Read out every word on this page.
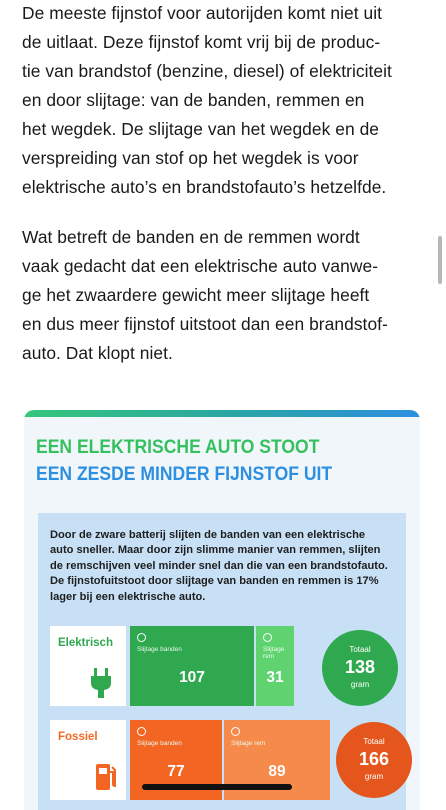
De meeste fijnstof voor autorijden komt niet uit
de uitlaat. Deze fijnstof komt vrij bij de produc-
tie van brandstof (benzine, diesel) of elektriciteit
en door slijtage: van de banden, remmen en
het wegdek. De slijtage van het wegdek en de
verspreiding van stof op het wegdek is voor
elektrische auto’s en brandstofauto’s hetzelfde.

Wat betreft de banden en de remmen wordt
vaak gedacht dat een elektrische auto vanwe-
ge het zwaardere gewicht meer slijtage heeft
en dus meer fijnstof uitstoot dan een brandstof-
auto. Dat klopt niet.

EEN ELEKTRISCHE AUTO STOOT
EEN ZESDE MINDER FIJNSTOF UIT
Door de zware batterij slijten de banden van een elektrische
auto sneller. Maar door zijn slimme manier van remmen, slijten
de remschijven veel minder snel dan die van een brandstofauto.
De fijnstofuitstoot door slijtage van banden en remmen is 17%
lager bij een elektrische auto.
Elektrisch
Slijtage banden
107
Slijtage
rem
31
Totaal
138
gram
Fossiel
Slijtage banden
77
Slijtage rem
89
Totaal
166
gram
